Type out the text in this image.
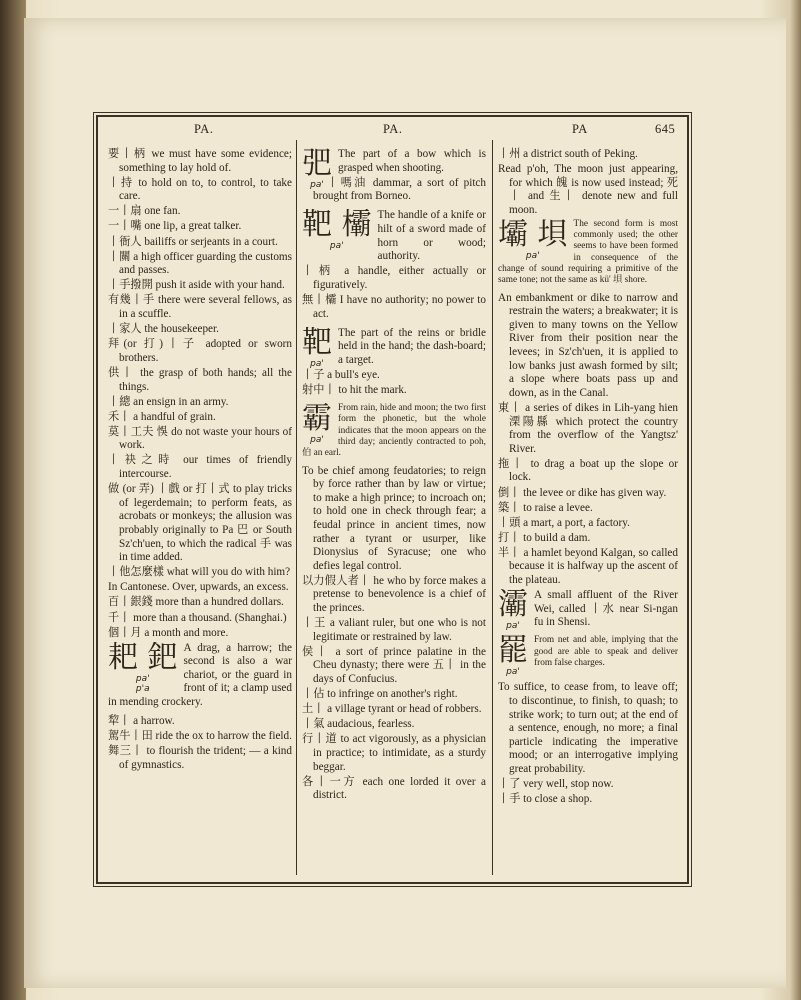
PA.	PA.	PA	645

要丨柄 we must have some evidence; something to lay hold of.

丨持 to hold on to, to control, to take care.

一丨扇 one fan.

一丨嘴 one lip, a great talker.

丨衙人 bailiffs or serjeants in a court.

丨關 a high officer guarding the customs and passes.

丨手撥開 push it aside with your hand.

有幾丨手 there were several fellows, as in a scuffle.

丨家人 the housekeeper.

拜(or 打)丨子 adopted or sworn brothers.

供丨 the grasp of both hands; all the things.

丨總 an ensign in an army.

禾丨 a handful of grain.

莫丨工夫 悞 do not waste your hours of work.

丨袂之時 our times of friendly intercourse.

做 (or 弄) 丨戲 or 打丨式 to play tricks of legerdemain; to perform feats, as acrobats or monkeys; the allusion was probably originally to Pa 巴 or South Sz'ch'uen, to which the radical 手 was in time added.

丨他怎麼樣 what will you do with him?

In Cantonese. Over, upwards, an excess.

百丨銀錢 more than a hundred dollars.

千丨 more than a thousand. (Shanghai.)

個丨月 a month and more.

耙 鈀
pa'
p'a

A drag, a harrow; the second is also a war chariot, or the guard in front of it; a clamp used in mending crockery.

犂丨 a harrow.

駕牛丨田 ride the ox to harrow the field.

舞三丨 to flourish the trident; — a kind of gymnastics.

弝
pa'

The part of a bow which is grasped when shooting.

丨嗎油 dammar, a sort of pitch brought from Borneo.

靶 欛
pa'

The handle of a knife or hilt of a sword made of horn or wood; authority.

丨柄 a handle, either actually or figuratively.

無丨欛 I have no authority; no power to act.

靶
pa'

The part of the reins or bridle held in the hand; the dash-board; a target.

丨子 a bull's eye.

射中丨 to hit the mark.

霸
pa'

From rain, hide and moon; the two first form the phonetic, but the whole indicates that the moon appears on the third day; anciently contracted to poh, 伯 an earl.

To be chief among feudatories; to reign by force rather than by law or virtue; to make a high prince; to incroach on; to hold one in check through fear; a feudal prince in ancient times, now rather a tyrant or usurper, like Dionysius of Syracuse; one who defies legal control.

以力假人者丨 he who by force makes a pretense to benevolence is a chief of the princes.

丨王 a valiant ruler, but one who is not legitimate or restrained by law.

侯丨 a sort of prince palatine in the Cheu dynasty; there were 五丨 in the days of Confucius.

丨佔 to infringe on another's right.

土丨 a village tyrant or head of robbers.

丨氣 audacious, fearless.

行丨道 to act vigorously, as a physician in practice; to intimidate, as a sturdy beggar.

各丨一方 each one lorded it over a district.

丨州 a district south of Peking.

Read p'oh, The moon just appearing, for which 魄 is now used instead; 死丨 and 生丨 denote new and full moon.

壩 垻
pa'

The second form is most commonly used; the other seems to have been formed in consequence of the change of sound requiring a primitive of the same tone; not the same as kü' 垻 shore.

An embankment or dike to narrow and restrain the waters; a breakwater; it is given to many towns on the Yellow River from their position near the levees; in Sz'ch'uen, it is applied to low banks just awash formed by silt; a slope where boats pass up and down, as in the Canal.

東丨 a series of dikes in Lih-yang hien 溧陽縣 which protect the country from the overflow of the Yangtsz' River.

拖丨 to drag a boat up the slope or lock.

倒丨 the levee or dike has given way.

築丨 to raise a levee.

丨頭 a mart, a port, a factory.

打丨 to build a dam.

半丨 a hamlet beyond Kalgan, so called because it is halfway up the ascent of the plateau.

灞
pa'

A small affluent of the River Wei, called 丨水 near Si-ngan fu in Shensi.

罷
pa'

From net and able, implying that the good are able to speak and deliver from false charges.

To suffice, to cease from, to leave off; to discontinue, to finish, to quash; to strike work; to turn out; at the end of a sentence, enough, no more; a final particle indicating the imperative mood; or an interrogative implying great probability.

丨了 very well, stop now.

丨手 to close a shop.
